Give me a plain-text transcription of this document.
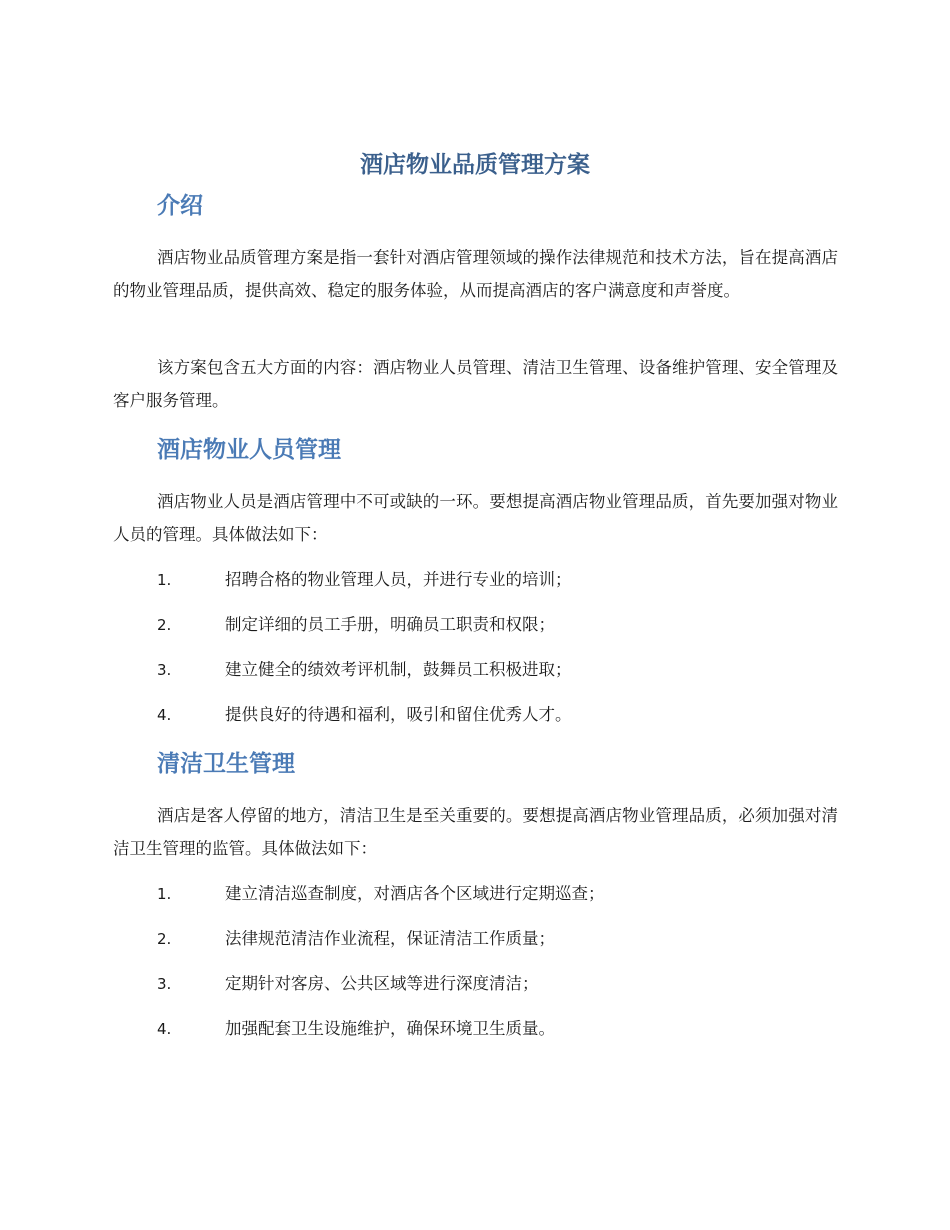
酒店物业品质管理方案
介绍

酒店物业品质管理方案是指一套针对酒店管理领域的操作法律规范和技术方法，旨在提高酒店的物业管理品质，提供高效、稳定的服务体验，从而提高酒店的客户满意度和声誉度。

该方案包含五大方面的内容：酒店物业人员管理、清洁卫生管理、设备维护管理、安全管理及客户服务管理。

酒店物业人员管理

酒店物业人员是酒店管理中不可或缺的一环。要想提高酒店物业管理品质，首先要加强对物业人员的管理。具体做法如下：

1.	招聘合格的物业管理人员，并进行专业的培训；
2.	制定详细的员工手册，明确员工职责和权限；
3.	建立健全的绩效考评机制，鼓舞员工积极进取；
4.	提供良好的待遇和福利，吸引和留住优秀人才。
清洁卫生管理

酒店是客人停留的地方，清洁卫生是至关重要的。要想提高酒店物业管理品质，必须加强对清洁卫生管理的监管。具体做法如下：

1.	建立清洁巡查制度，对酒店各个区域进行定期巡查；
2.	法律规范清洁作业流程，保证清洁工作质量；
3.	定期针对客房、公共区域等进行深度清洁；
4.	加强配套卫生设施维护，确保环境卫生质量。
